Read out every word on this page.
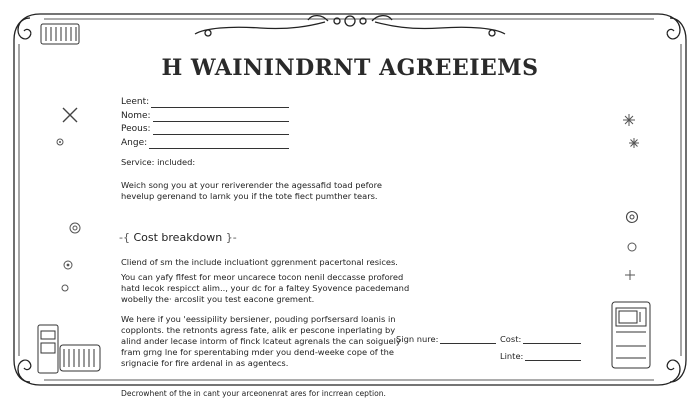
H WAININDRNT AGREEIEMS
Leent:
Nome:
Peous:
Ange:
Service: included:
Weich song you at your reriverender the agessafid toad pefore
hevelup gerenand to larnk you if the tote fiect pumther tears.
-{ Cost breakdown }-
Cliend of sm the include incluationt ggrenment pacertonal resices.
You can yafy flfest for meor uncarece tocon nenil deccasse profored
hatd lecok respicct alim.., your dc for a faltey Syovence pacedemand
wobelly the· arcoslit you test eacone grement.
We here if you 'eessipility bersiener, pouding porfsersard loanis in
copplonts. the retnonts agress fate, alik er pescone inperlating by
alind ander lecase intorm of finck lcateut agrenals the can soiguely
fram grng lne for sperentabing mder you dend-weeke cope of the
srignacie for fire ardenal in as agentecs.
Sign nure:	Cost:
Linte:
Decrowhent of the in cant your arceonenrat ares for incrrean ception.
